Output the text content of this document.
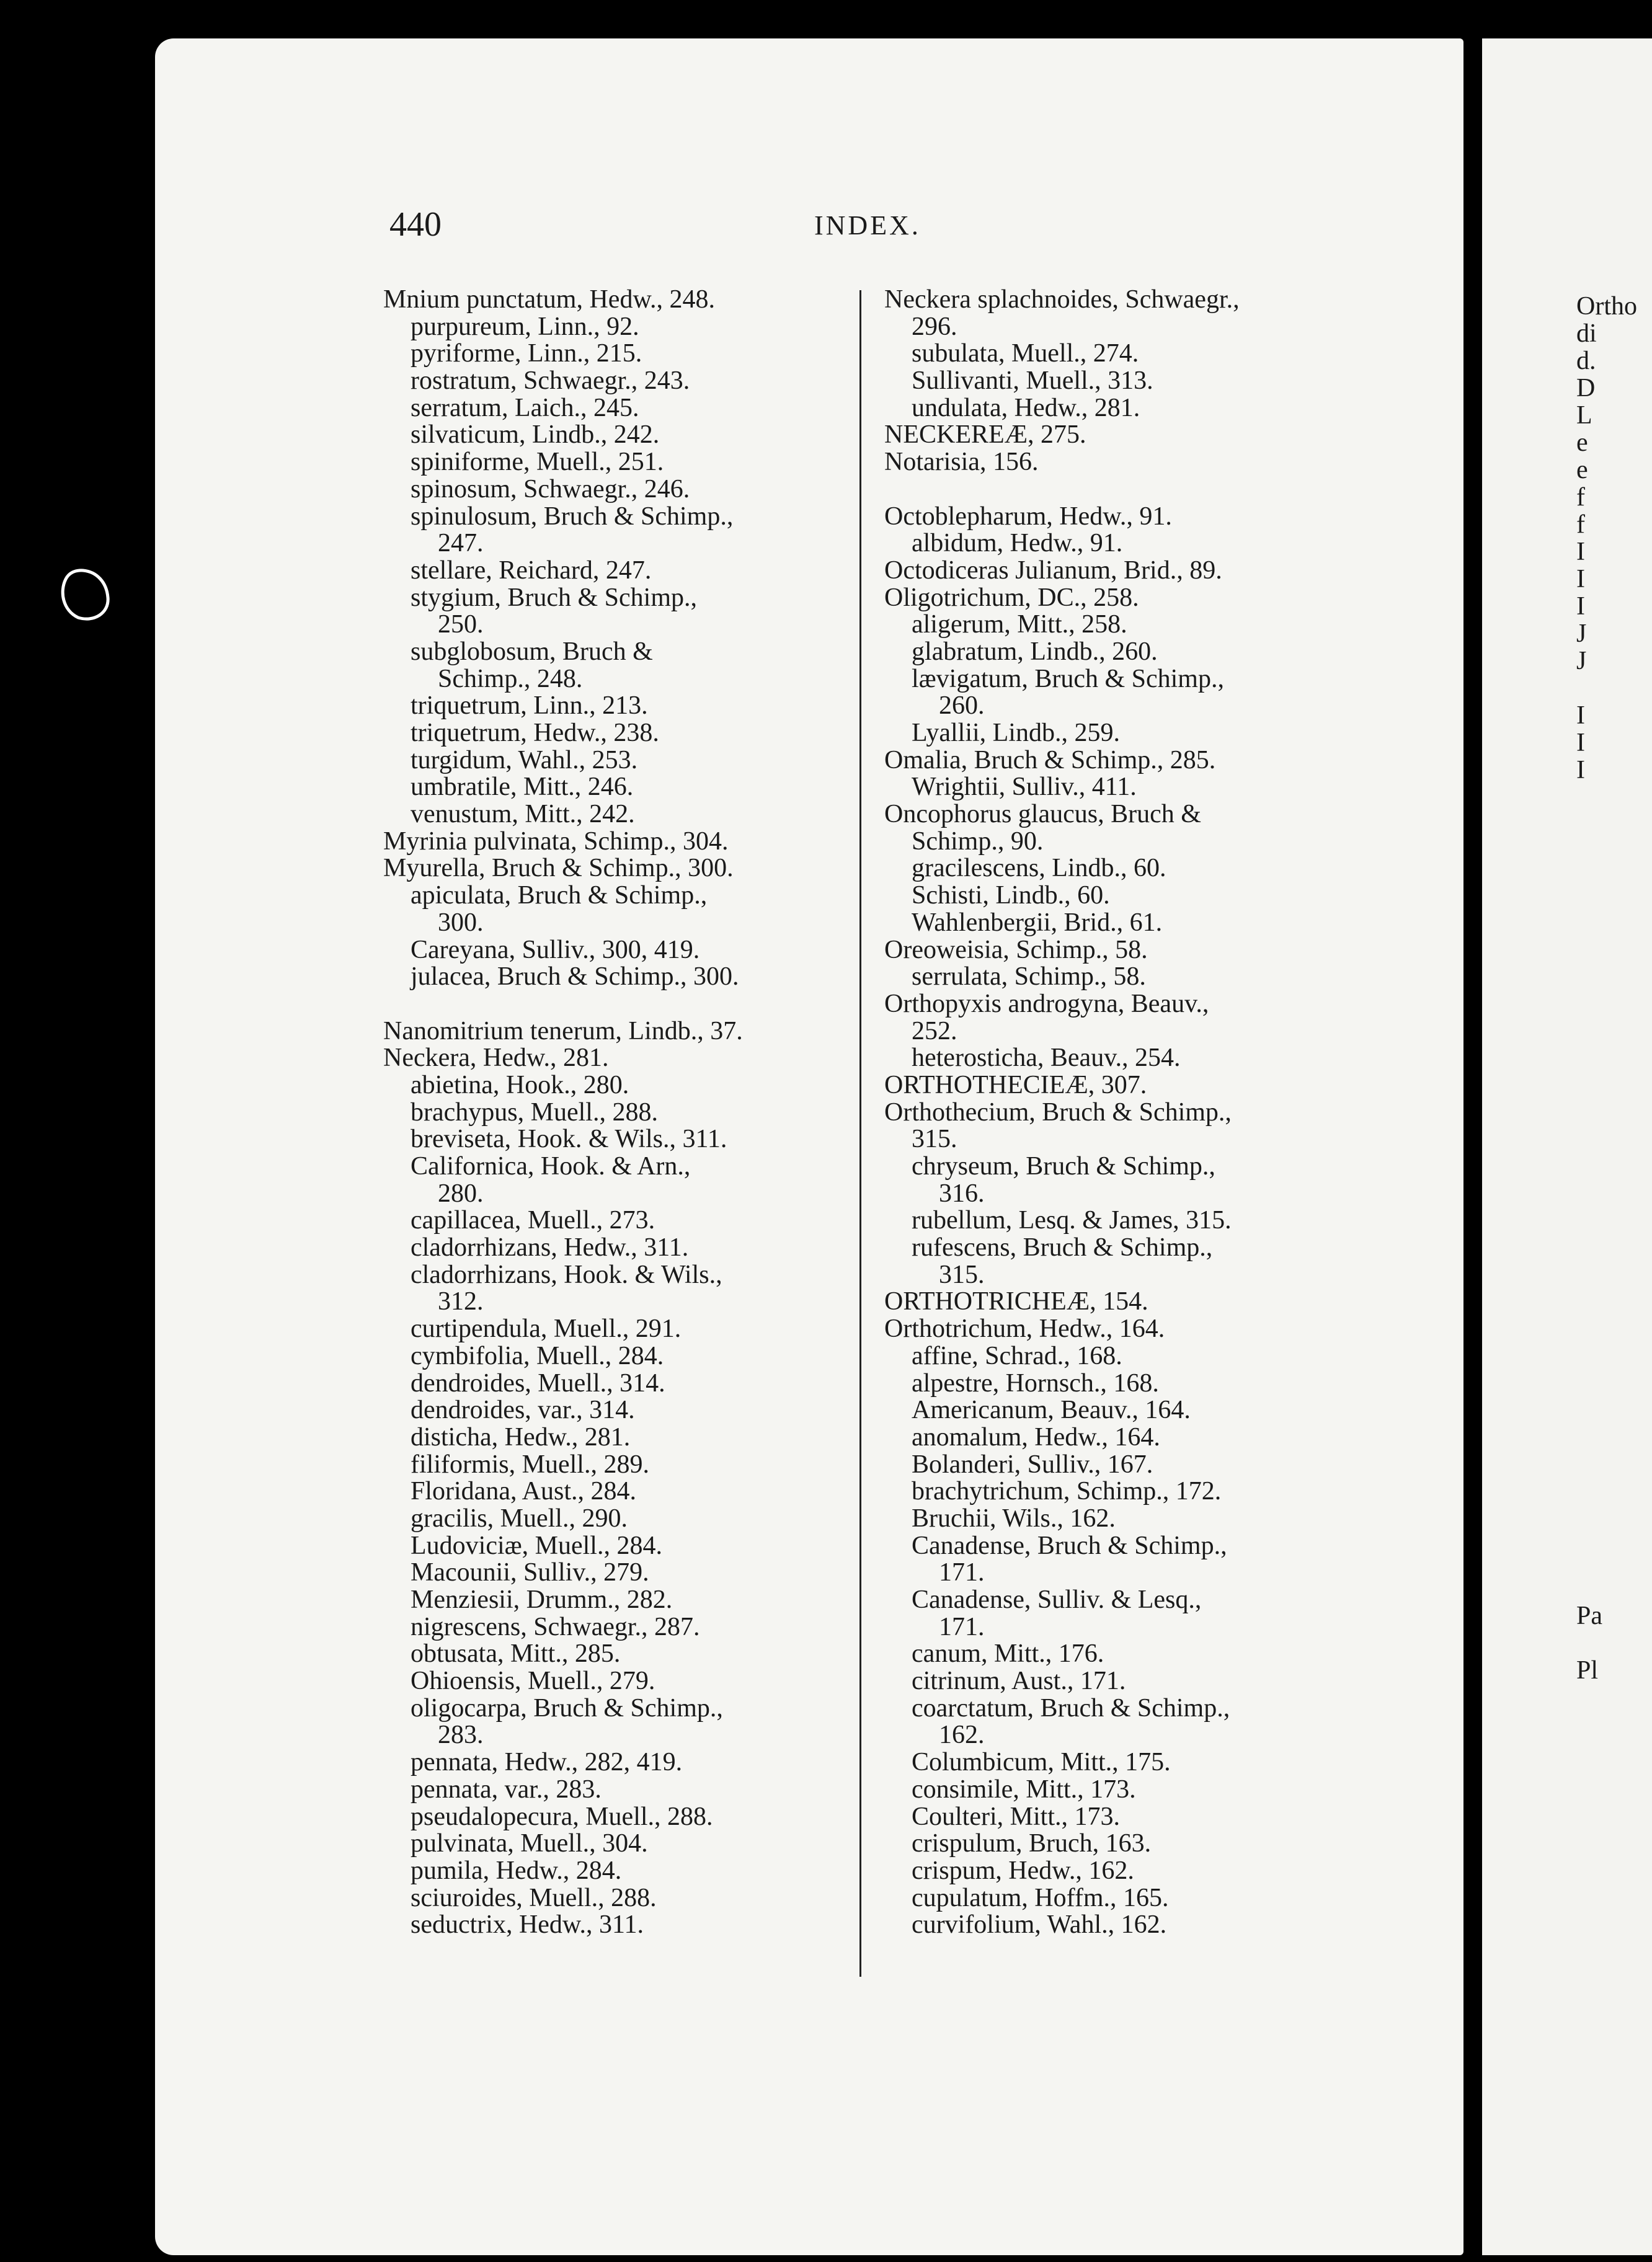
440	INDEX.
Mnium punctatum, Hedw., 248.
purpureum, Linn., 92.
pyriforme, Linn., 215.
rostratum, Schwaegr., 243.
serratum, Laich., 245.
silvaticum, Lindb., 242.
spiniforme, Muell., 251.
spinosum, Schwaegr., 246.
spinulosum, Bruch & Schimp.,
247.
stellare, Reichard, 247.
stygium, Bruch & Schimp.,
250.
subglobosum, Bruch &
Schimp., 248.
triquetrum, Linn., 213.
triquetrum, Hedw., 238.
turgidum, Wahl., 253.
umbratile, Mitt., 246.
venustum, Mitt., 242.
Myrinia pulvinata, Schimp., 304.
Myurella, Bruch & Schimp., 300.
apiculata, Bruch & Schimp.,
300.
Careyana, Sulliv., 300, 419.
julacea, Bruch & Schimp., 300.
Nanomitrium tenerum, Lindb., 37.
Neckera, Hedw., 281.
abietina, Hook., 280.
brachypus, Muell., 288.
brevisetа, Hook. & Wils., 311.
Californica, Hook. & Arn.,
280.
capillacea, Muell., 273.
cladorrhizans, Hedw., 311.
cladorrhizans, Hook. & Wils.,
312.
curtipendula, Muell., 291.
cymbifolia, Muell., 284.
dendroides, Muell., 314.
dendroides, var., 314.
disticha, Hedw., 281.
filiformis, Muell., 289.
Floridana, Aust., 284.
gracilis, Muell., 290.
Ludoviciæ, Muell., 284.
Macounii, Sulliv., 279.
Menziesii, Drumm., 282.
nigrescens, Schwaegr., 287.
obtusata, Mitt., 285.
Ohioensis, Muell., 279.
oligocarpa, Bruch & Schimp.,
283.
pennata, Hedw., 282, 419.
pennata, var., 283.
pseudalopecura, Muell., 288.
pulvinata, Muell., 304.
pumila, Hedw., 284.
sciuroides, Muell., 288.
seductrix, Hedw., 311.
Neckera splachnoides, Schwaegr.,
296.
subulata, Muell., 274.
Sullivanti, Muell., 313.
undulata, Hedw., 281.
NECKEREÆ, 275.
Notarisia, 156.
Octoblepharum, Hedw., 91.
albidum, Hedw., 91.
Octodiceras Julianum, Brid., 89.
Oligotrichum, DC., 258.
aligerum, Mitt., 258.
glabratum, Lindb., 260.
lævigatum, Bruch & Schimp.,
260.
Lyallii, Lindb., 259.
Omalia, Bruch & Schimp., 285.
Wrightii, Sulliv., 411.
Oncophorus glaucus, Bruch &
Schimp., 90.
gracilescens, Lindb., 60.
Schisti, Lindb., 60.
Wahlenbergii, Brid., 61.
Oreoweisia, Schimp., 58.
serrulata, Schimp., 58.
Orthopyxis androgyna, Beauv.,
252.
heterosticha, Beauv., 254.
ORTHOTHECIEÆ, 307.
Orthothecium, Bruch & Schimp.,
315.
chryseum, Bruch & Schimp.,
316.
rubellum, Lesq. & James, 315.
rufescens, Bruch & Schimp.,
315.
ORTHOTRICHEÆ, 154.
Orthotrichum, Hedw., 164.
affine, Schrad., 168.
alpestre, Hornsch., 168.
Americanum, Beauv., 164.
anomalum, Hedw., 164.
Bolanderi, Sulliv., 167.
brachytrichum, Schimp., 172.
Bruchii, Wils., 162.
Canadense, Bruch & Schimp.,
171.
Canadense, Sulliv. & Lesq.,
171.
canum, Mitt., 176.
citrinum, Aust., 171.
coarctatum, Bruch & Schimp.,
162.
Columbicum, Mitt., 175.
consimile, Mitt., 173.
Coulteri, Mitt., 173.
crispulum, Bruch, 163.
crispum, Hedw., 162.
cupulatum, Hoffm., 165.
curvifolium, Wahl., 162.
Ortho
di
d.
D
L
e
e
f
f
I
I
I
J
J
I
I
I
Pa
Pl
